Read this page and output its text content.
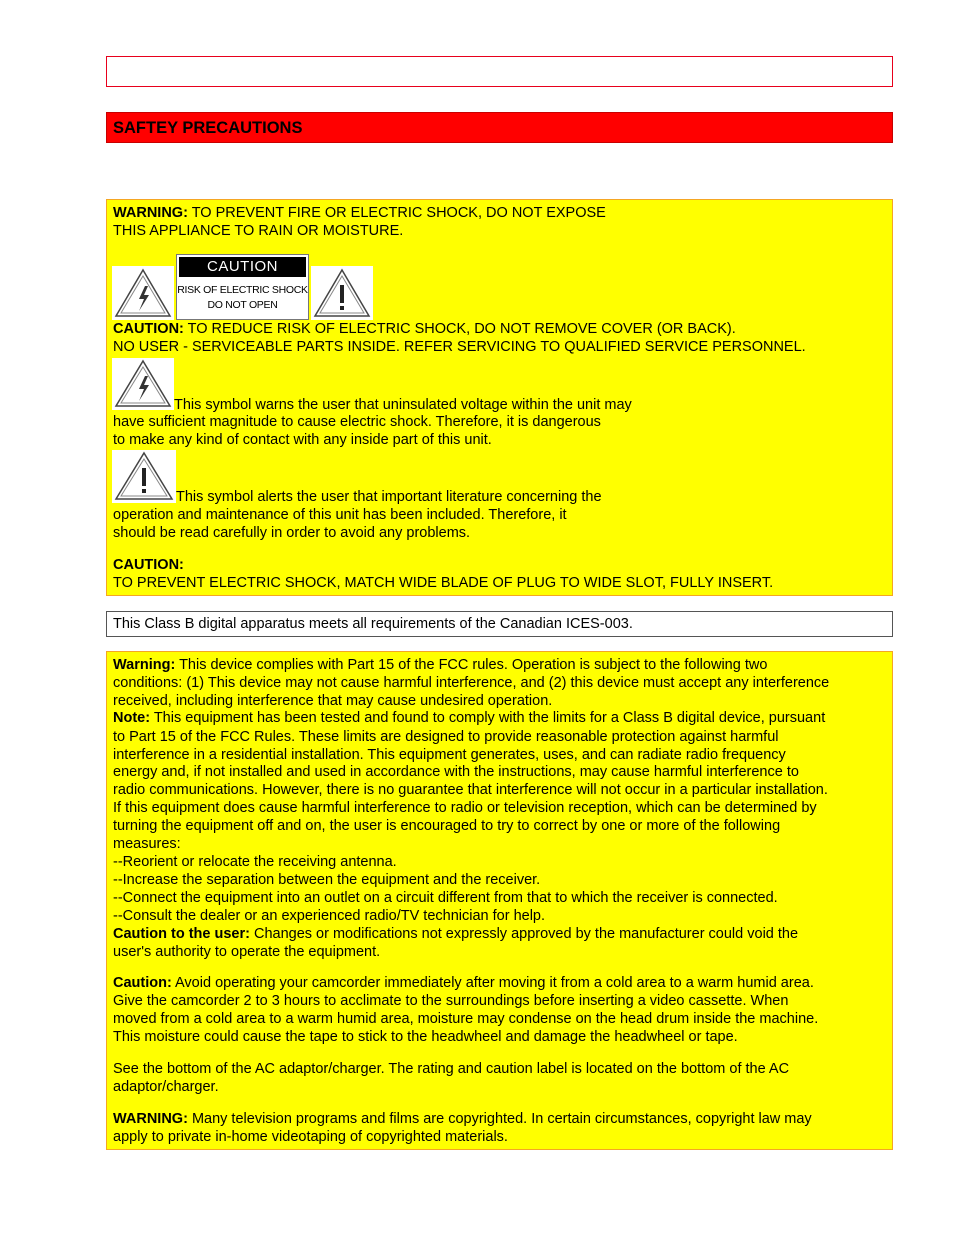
SAFTEY PRECAUTIONS
WARNING: TO PREVENT FIRE OR ELECTRIC SHOCK, DO NOT EXPOSE
THIS APPLIANCE TO RAIN OR MOISTURE.
CAUTION
RISK OF ELECTRIC SHOCK
DO NOT OPEN
CAUTION: TO REDUCE RISK OF ELECTRIC SHOCK, DO NOT REMOVE COVER (OR BACK).
NO USER - SERVICEABLE PARTS INSIDE. REFER SERVICING TO QUALIFIED SERVICE PERSONNEL.
This symbol warns the user that uninsulated voltage within the unit may
have sufficient magnitude to cause electric shock. Therefore, it is dangerous
to make any kind of contact with any inside part of this unit.
This symbol alerts the user that important literature concerning the
operation and maintenance of this unit has been included. Therefore, it
should be read carefully in order to avoid any problems.
CAUTION:
TO PREVENT ELECTRIC SHOCK, MATCH WIDE BLADE OF PLUG TO WIDE SLOT, FULLY INSERT.
This Class B digital apparatus meets all requirements of the Canadian ICES-003.
Warning: This device complies with Part 15 of the FCC rules. Operation is subject to the following two
conditions: (1) This device may not cause harmful interference, and (2) this device must accept any interference
received, including interference that may cause undesired operation.
Note: This equipment has been tested and found to comply with the limits for a Class B digital device, pursuant
to Part 15 of the FCC Rules. These limits are designed to provide reasonable protection against harmful
interference in a residential installation. This equipment generates, uses, and can radiate radio frequency
energy and, if not installed and used in accordance with the instructions, may cause harmful interference to
radio communications. However, there is no guarantee that interference will not occur in a particular installation.
If this equipment does cause harmful interference to radio or television reception, which can be determined by
turning the equipment off and on, the user is encouraged to try to correct by one or more of the following
measures:
--Reorient or relocate the receiving antenna.
--Increase the separation between the equipment and the receiver.
--Connect the equipment into an outlet on a circuit different from that to which the receiver is connected.
--Consult the dealer or an experienced radio/TV technician for help.
Caution to the user: Changes or modifications not expressly approved by the manufacturer could void the
user's authority to operate the equipment.
Caution: Avoid operating your camcorder immediately after moving it from a cold area to a warm humid area.
Give the camcorder 2 to 3 hours to acclimate to the surroundings before inserting a video cassette. When
moved from a cold area to a warm humid area, moisture may condense on the head drum inside the machine.
This moisture could cause the tape to stick to the headwheel and damage the headwheel or tape.
See the bottom of the AC adaptor/charger. The rating and caution label is located on the bottom of the AC
adaptor/charger.
WARNING: Many television programs and films are copyrighted. In certain circumstances, copyright law may
apply to private in-home videotaping of copyrighted materials.
